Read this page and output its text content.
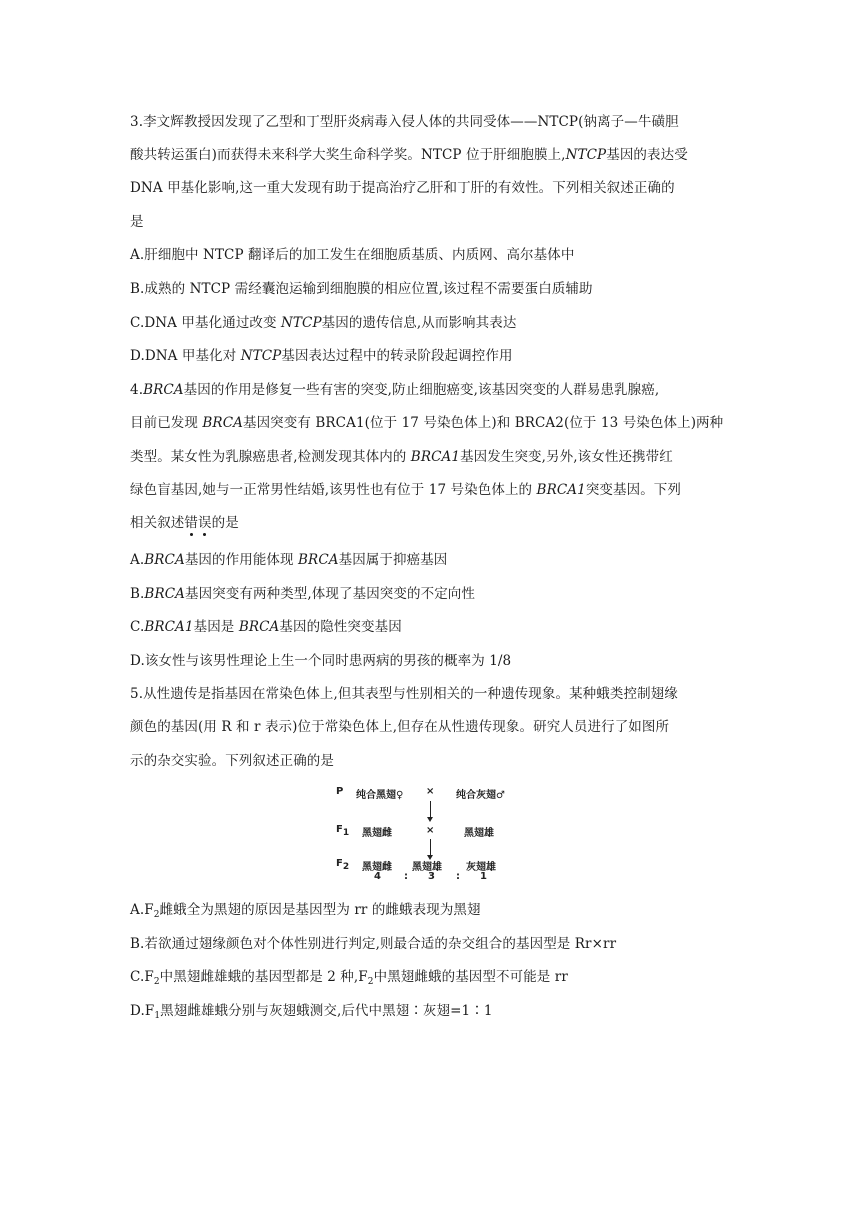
3.李文辉教授因发现了乙型和丁型肝炎病毒入侵人体的共同受体——NTCP(钠离子—牛磺胆
酸共转运蛋白)而获得未来科学大奖生命科学奖。NTCP 位于肝细胞膜上,NTCP基因的表达受
DNA 甲基化影响,这一重大发现有助于提高治疗乙肝和丁肝的有效性。下列相关叙述正确的
是
A.肝细胞中 NTCP 翻译后的加工发生在细胞质基质、内质网、高尔基体中
B.成熟的 NTCP 需经囊泡运输到细胞膜的相应位置,该过程不需要蛋白质辅助
C.DNA 甲基化通过改变 NTCP基因的遗传信息,从而影响其表达
D.DNA 甲基化对 NTCP基因表达过程中的转录阶段起调控作用
4.BRCA基因的作用是修复一些有害的突变,防止细胞癌变,该基因突变的人群易患乳腺癌,
目前已发现 BRCA基因突变有 BRCA1(位于 17 号染色体上)和 BRCA2(位于 13 号染色体上)两种
类型。某女性为乳腺癌患者,检测发现其体内的 BRCA1基因发生突变,另外,该女性还携带红
绿色盲基因,她与一正常男性结婚,该男性也有位于 17 号染色体上的 BRCA1突变基因。下列
相关叙述错误的是
A.BRCA基因的作用能体现 BRCA基因属于抑癌基因
B.BRCA基因突变有两种类型,体现了基因突变的不定向性
C.BRCA1基因是 BRCA基因的隐性突变基因
D.该女性与该男性理论上生一个同时患两病的男孩的概率为 1/8
5.从性遗传是指基因在常染色体上,但其表型与性别相关的一种遗传现象。某种蛾类控制翅缘
颜色的基因(用 R 和 r 表示)位于常染色体上,但存在从性遗传现象。研究人员进行了如图所
示的杂交实验。下列叙述正确的是
P 纯合黑翅♀ × 纯合灰翅♂
$F_1$ 黑翅雌	×	黑翅雄
$F_2$ 黑翅雌 黑翅雄 灰翅雄
4 : 3 : 1
$A.F_2$雌蛾全为黑翅的原因是基因型为 rr 的雌蛾表现为黑翅
B.若欲通过翅缘颜色对个体性别进行判定,则最合适的杂交组合的基因型是 Rr×rr
$C.F_2$中黑翅雌雄蛾的基因型都是 2 种$,F_2$中黑翅雌蛾的基因型不可能是 rr
$D.F_1$黑翅雌雄蛾分别与灰翅蛾测交,后代中黑翅∶灰翅=1∶1
